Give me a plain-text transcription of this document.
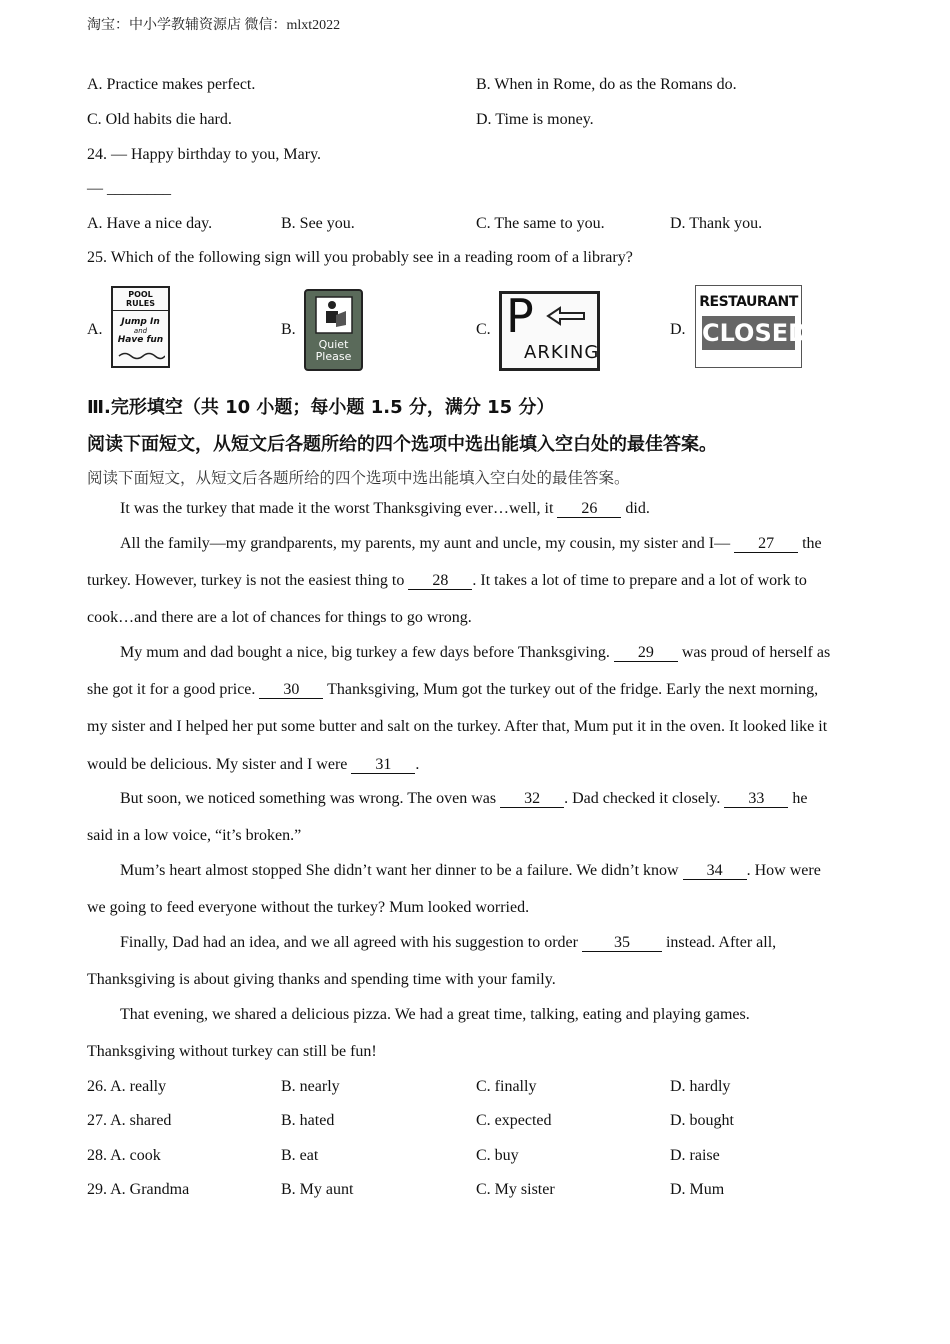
淘宝：中小学教辅资源店 微信：mlxt2022
A. Practice makes perfect.	B. When in Rome, do as the Romans do.
C. Old habits die hard.	D. Time is money.
24. — Happy birthday to you, Mary.
— ________
A. Have a nice day.	B. See you.	C. The same to you.	D. Thank you.
25. Which of the following sign will you probably see in a reading room of a library?
A.
POOL RULES
Jump In
and
Have fun
B.
Quiet
Please
C. P
ARKING
D.
RESTAURANT
CLOSED
Ⅲ.完形填空（共 10 小题；每小题 1.5 分，满分 15 分）
阅读下面短文，从短文后各题所给的四个选项中选出能填入空白处的最佳答案。
阅读下面短文，从短文后各题所给的四个选项中选出能填入空白处的最佳答案。
It was the turkey that made it the worst Thanksgiving ever…well, it 26 did.
All the family—my grandparents, my parents, my aunt and uncle, my cousin, my sister and I— 27 the
turkey. However, turkey is not the easiest thing to 28 . It takes a lot of time to prepare and a lot of work to
cook…and there are a lot of chances for things to go wrong.
My mum and dad bought a nice, big turkey a few days before Thanksgiving. 29 was proud of herself as
she got it for a good price. 30 Thanksgiving, Mum got the turkey out of the fridge. Early the next morning,
my sister and I helped her put some butter and salt on the turkey. After that, Mum put it in the oven. It looked like it
would be delicious. My sister and I were 31 .
But soon, we noticed something was wrong. The oven was 32 . Dad checked it closely. 33 he
said in a low voice, “it’s broken.”
Mum’s heart almost stopped She didn’t want her dinner to be a failure. We didn’t know 34 . How were
we going to feed everyone without the turkey? Mum looked worried.
Finally, Dad had an idea, and we all agreed with his suggestion to order 35 instead. After all,
Thanksgiving is about giving thanks and spending time with your family.
That evening, we shared a delicious pizza. We had a great time, talking, eating and playing games.
Thanksgiving without turkey can still be fun!
26. A. really	B. nearly	C. finally	D. hardly
27. A. shared	B. hated	C. expected	D. bought
28. A. cook	B. eat	C. buy	D. raise
29. A. Grandma	B. My aunt	C. My sister	D. Mum
